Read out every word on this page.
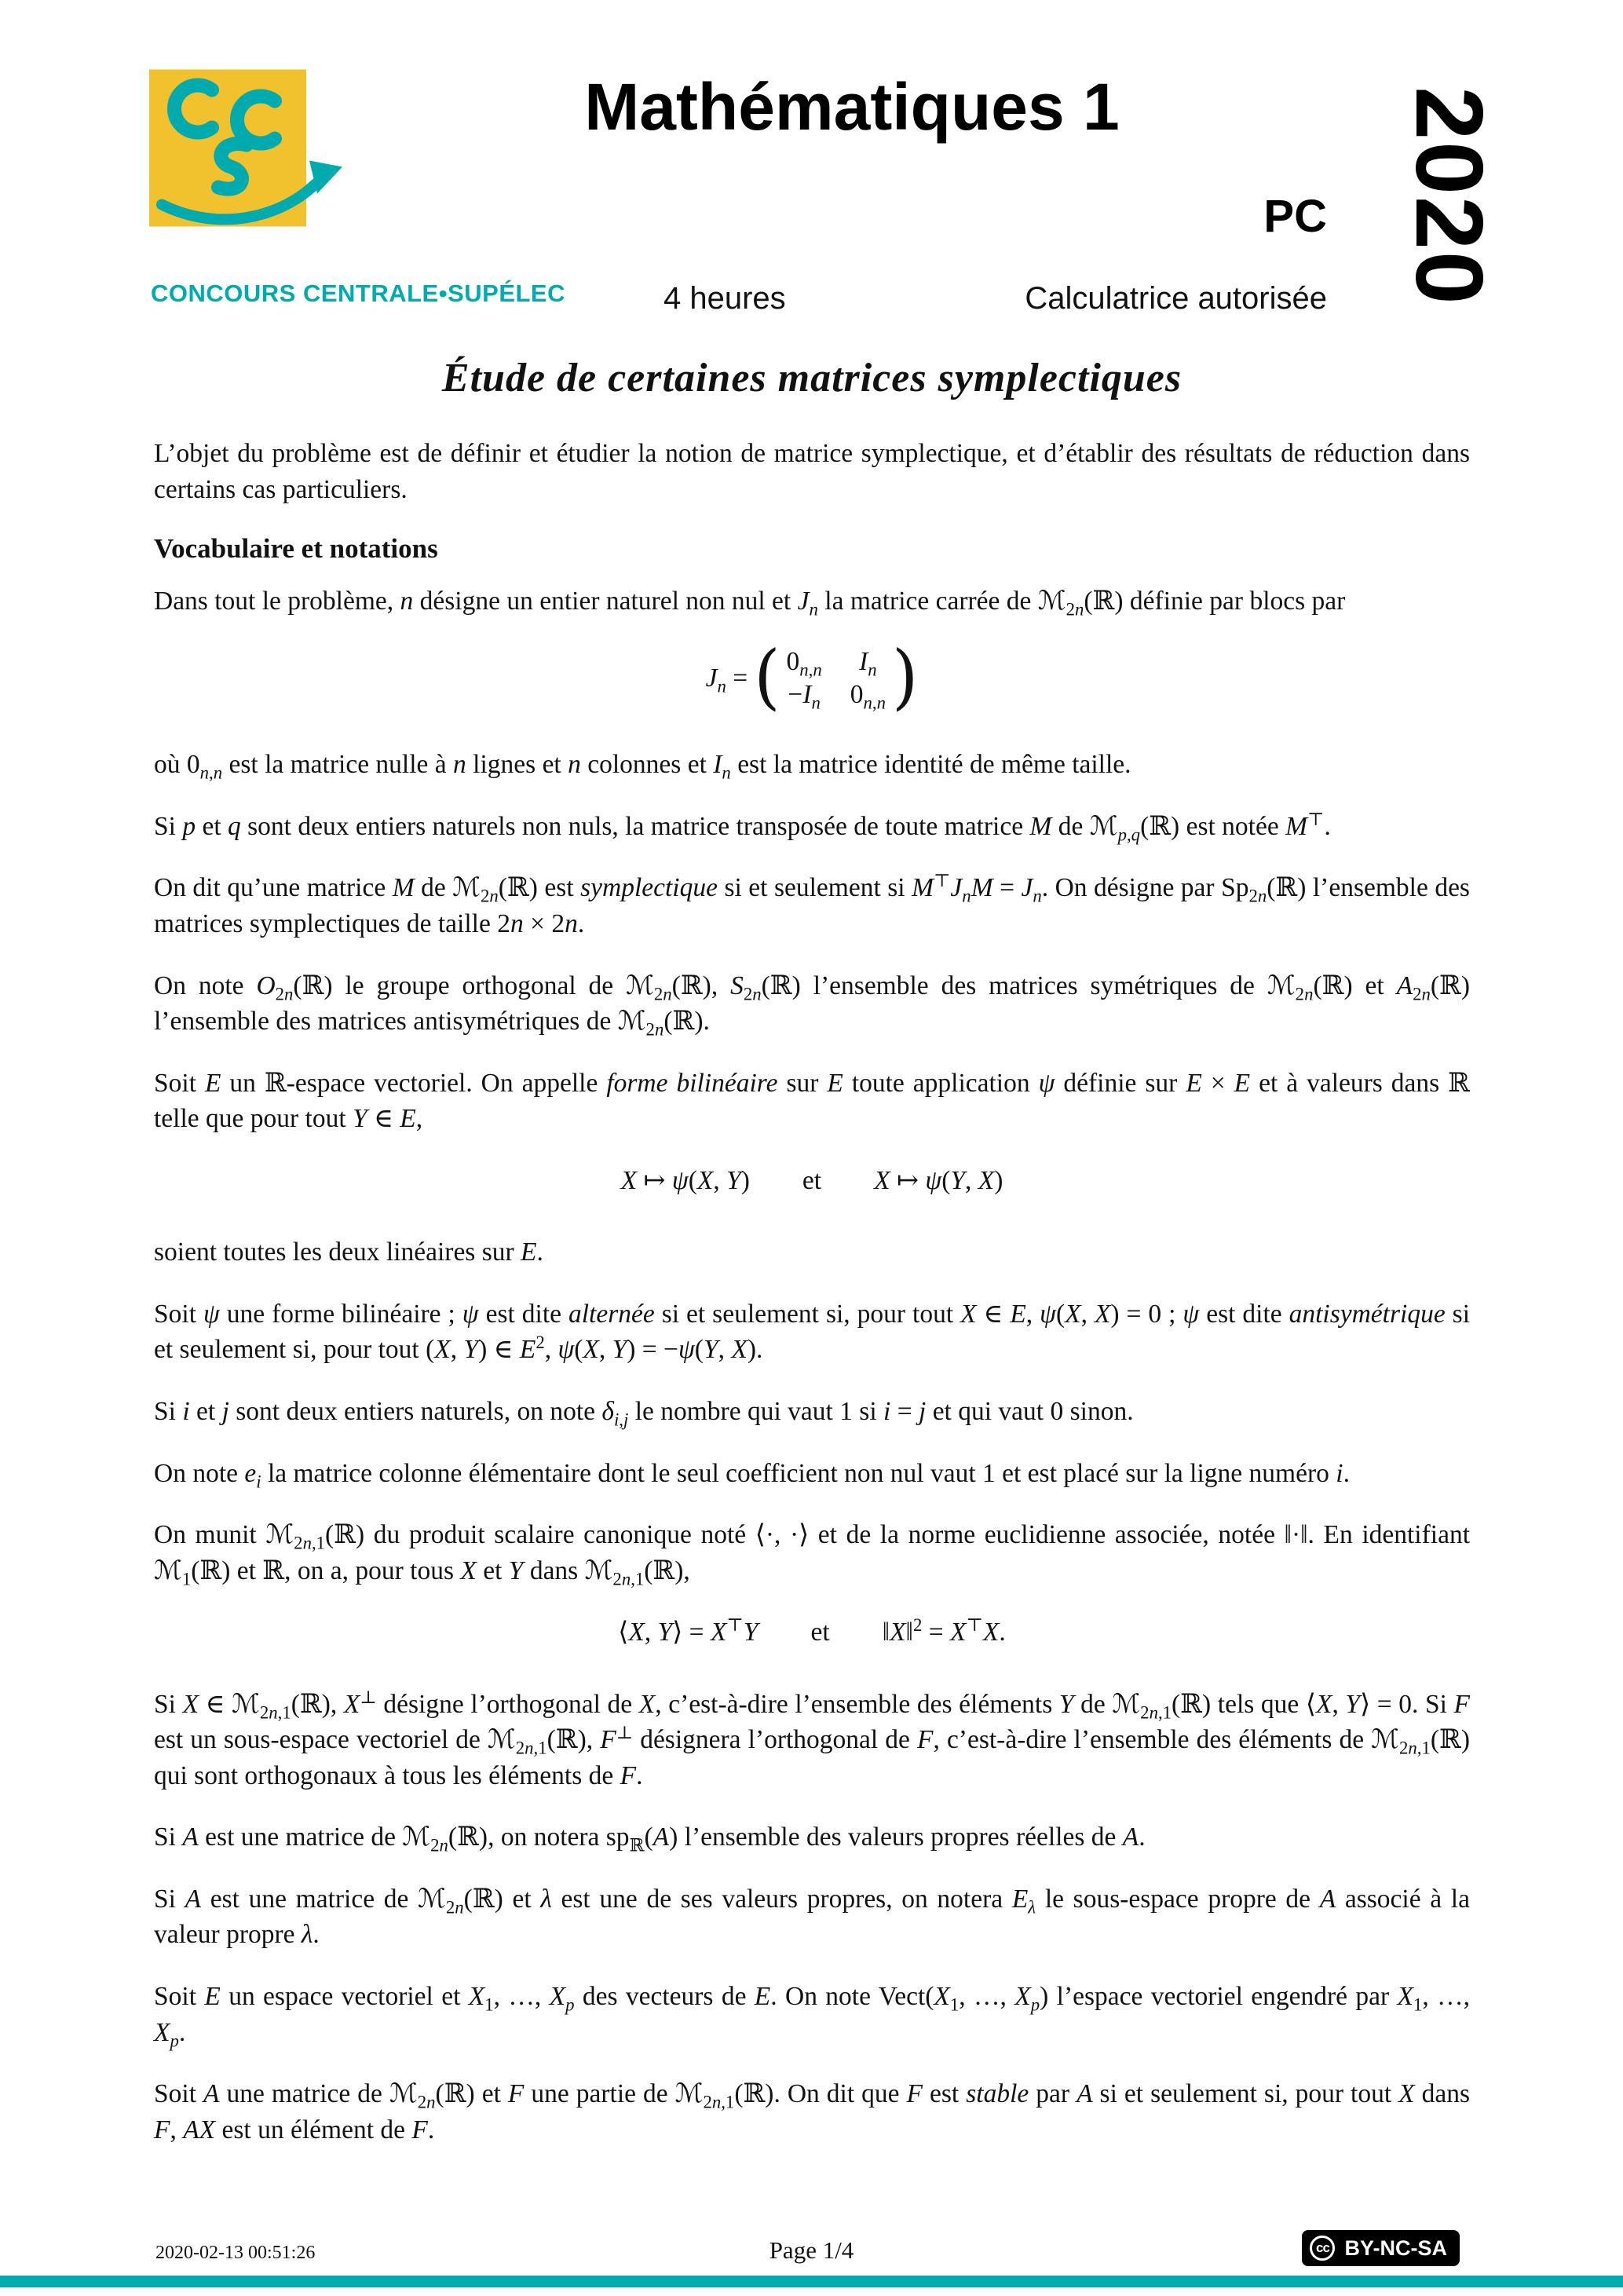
CONCOURS CENTRALE•SUPÉLEC
Mathématiques 1
PC
4 heures	Calculatrice autorisée 2020
Étude de certaines matrices symplectiques

L’objet du problème est de définir et étudier la notion de matrice symplectique, et d’établir des résultats de réduction dans certains cas particuliers.

Vocabulaire et notations

Dans tout le problème, n désigne un entier naturel non nul et $J_n$ la matrice carrée de ℳ$_{2n}$(ℝ) définie par blocs par

$J_n$ = ( $0_{n,n}$	$I_n$
$-I_n$ $0_{n,n}$ )

où $0_{n,n}$ est la matrice nulle à n lignes et n colonnes et $I_n$ est la matrice identité de même taille.

Si p et q sont deux entiers naturels non nuls, la matrice transposée de toute matrice M de ℳ$_{p,q}$(ℝ) est notée M⊤.

On dit qu’une matrice M de ℳ$_{2n}$(ℝ) est symplectique si et seulement si $M^⊤J_nM = J_n$. On désigne par $Sp_{2n}(ℝ)$ l’ensemble des matrices symplectiques de taille 2n × 2n.

On note $O_{2n}(ℝ)$ le groupe orthogonal de ℳ$_{2n}$(ℝ), $S_{2n}(ℝ)$ l’ensemble des matrices symétriques de ℳ$_{2n}$(ℝ) et $A_{2n}(ℝ)$ l’ensemble des matrices antisymétriques de ℳ$_{2n}$(ℝ).

Soit E un ℝ-espace vectoriel. On appelle forme bilinéaire sur E toute application ψ définie sur E × E et à valeurs dans ℝ telle que pour tout Y ∈ E,

X ↦ ψ(X, Y)  et  X ↦ ψ(Y, X)

soient toutes les deux linéaires sur E.

Soit ψ une forme bilinéaire ; ψ est dite alternée si et seulement si, pour tout X ∈ E, ψ(X, X) = 0 ; ψ est dite antisymétrique si et seulement si, pour tout (X, Y) ∈ $E^2$, ψ(X, Y) = −ψ(Y, X).

Si i et j sont deux entiers naturels, on note $\delta_{i,j}$ le nombre qui vaut 1 si i = j et qui vaut 0 sinon.

On note $e_i$ la matrice colonne élémentaire dont le seul coefficient non nul vaut 1 et est placé sur la ligne numéro i.

On munit ℳ$_{2n,1}$(ℝ) du produit scalaire canonique noté ⟨·, ·⟩ et de la norme euclidienne associée, notée ‖·‖. En identifiant ℳ$_1$(ℝ) et ℝ, on a, pour tous X et Y dans ℳ$_{2n,1}$(ℝ),

⟨X, Y⟩ = X⊤Y  et  ‖X‖$^2$ = X⊤X.

Si X ∈ ℳ$_{2n,1}$(ℝ), X⊥ désigne l’orthogonal de X, c’est-à-dire l’ensemble des éléments Y de ℳ$_{2n,1}$(ℝ) tels que ⟨X, Y⟩ = 0. Si F est un sous-espace vectoriel de ℳ$_{2n,1}$(ℝ), F⊥ désignera l’orthogonal de F, c’est-à-dire l’ensemble des éléments de ℳ$_{2n,1}$(ℝ) qui sont orthogonaux à tous les éléments de F.

Si A est une matrice de ℳ$_{2n}$(ℝ), on notera $sp_ℝ(A)$ l’ensemble des valeurs propres réelles de A.

Si A est une matrice de ℳ$_{2n}$(ℝ) et λ est une de ses valeurs propres, on notera $E_\lambda$ le sous-espace propre de A associé à la valeur propre λ.

Soit E un espace vectoriel et $X_1$, …, $X_p$ des vecteurs de E. On note $Vect(X_1$, …, $X_p$) l’espace vectoriel engendré par $X_1$, …, $X_p$.

Soit A une matrice de ℳ$_{2n}$(ℝ) et F une partie de ℳ$_{2n,1}$(ℝ). On dit que F est stable par A si et seulement si, pour tout X dans F, AX est un élément de F.

2020-02-13 00:51:26	Page 1/4	cc BY-NC-SA
